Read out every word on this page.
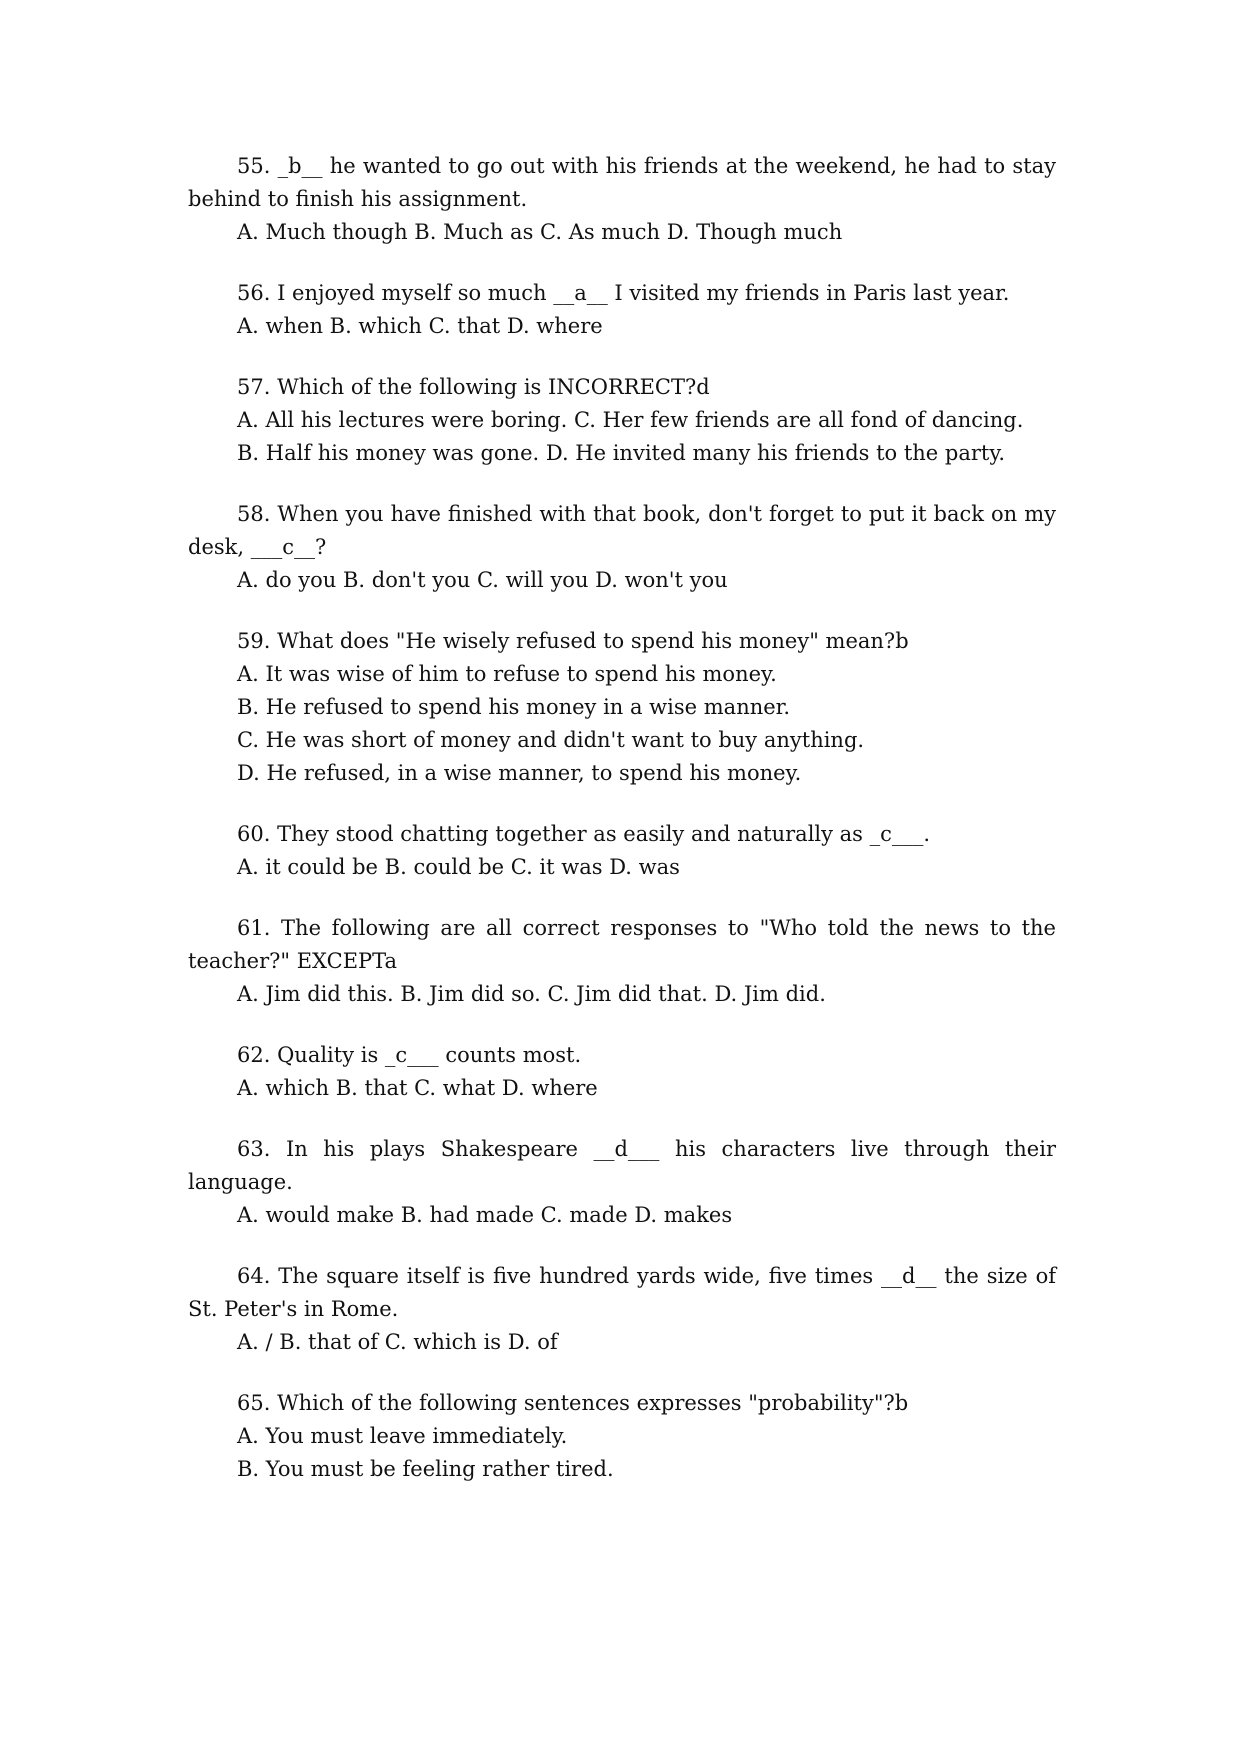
55. _b__ he wanted to go out with his friends at the weekend, he had to stay behind to finish his assignment.

A. Much though B. Much as C. As much D. Though much

56. I enjoyed myself so much __a__ I visited my friends in Paris last year.

A. when B. which C. that D. where

57. Which of the following is INCORRECT?d

A. All his lectures were boring. C. Her few friends are all fond of dancing.

B. Half his money was gone. D. He invited many his friends to the party.

58. When you have finished with that book, don't forget to put it back on my desk, ___c__?

A. do you B. don't you C. will you D. won't you

59. What does "He wisely refused to spend his money" mean?b

A. It was wise of him to refuse to spend his money.

B. He refused to spend his money in a wise manner.

C. He was short of money and didn't want to buy anything.

D. He refused, in a wise manner, to spend his money.

60. They stood chatting together as easily and naturally as _c___.

A. it could be B. could be C. it was D. was

61. The following are all correct responses to "Who told the news to the teacher?" EXCEPTa

A. Jim did this. B. Jim did so. C. Jim did that. D. Jim did.

62. Quality is _c___ counts most.

A. which B. that C. what D. where

63. In his plays Shakespeare __d___ his characters live through their language.

A. would make B. had made C. made D. makes

64. The square itself is five hundred yards wide, five times __d__ the size of St. Peter's in Rome.

A. / B. that of C. which is D. of

65. Which of the following sentences expresses "probability"?b

A. You must leave immediately.

B. You must be feeling rather tired.
